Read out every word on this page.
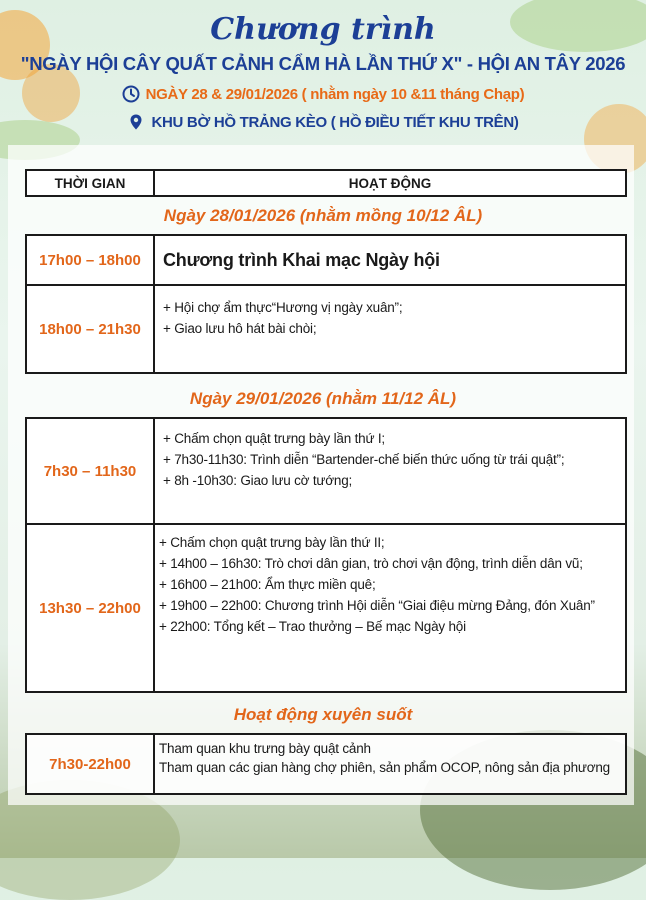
Chương trình
"NGÀY HỘI CÂY QUẤT CẢNH CẨM HÀ LẦN THỨ X" - HỘI AN TÂY 2026
NGÀY 28 & 29/01/2026 ( nhằm ngày 10 &11 tháng Chạp)
KHU BỜ HỒ TRẢNG KÈO ( HỒ ĐIỀU TIẾT KHU TRÊN)
THỜI GIAN	HOẠT ĐỘNG
Ngày 28/01/2026 (nhằm mồng 10/12 ÂL)
17h00 – 18h00	Chương trình Khai mạc Ngày hội
18h00 – 21h30
+ Hội chợ ẩm thực“Hương vị ngày xuân”;
+ Giao lưu hô hát bài chòi;
Ngày 29/01/2026 (nhằm 11/12 ÂL)
7h30 – 11h30
+ Chấm chọn quật trưng bày lần thứ I;
+ 7h30-11h30: Trình diễn “Bartender-chế biến thức uống từ trái quật”;
+ 8h -10h30: Giao lưu cờ tướng;
13h30 – 22h00
+ Chấm chọn quật trưng bày lần thứ II;
+ 14h00 – 16h30: Trò chơi dân gian, trò chơi vận động, trình diễn dân vũ;
+ 16h00 – 21h00: Ẩm thực miền quê;
+ 19h00 – 22h00: Chương trình Hội diễn “Giai điệu mừng Đảng, đón Xuân”
+ 22h00: Tổng kết – Trao thưởng – Bế mạc Ngày hội
Hoạt động xuyên suốt
7h30-22h00
Tham quan khu trưng bày quật cảnh
Tham quan các gian hàng chợ phiên, sản phẩm OCOP, nông sản địa phương
